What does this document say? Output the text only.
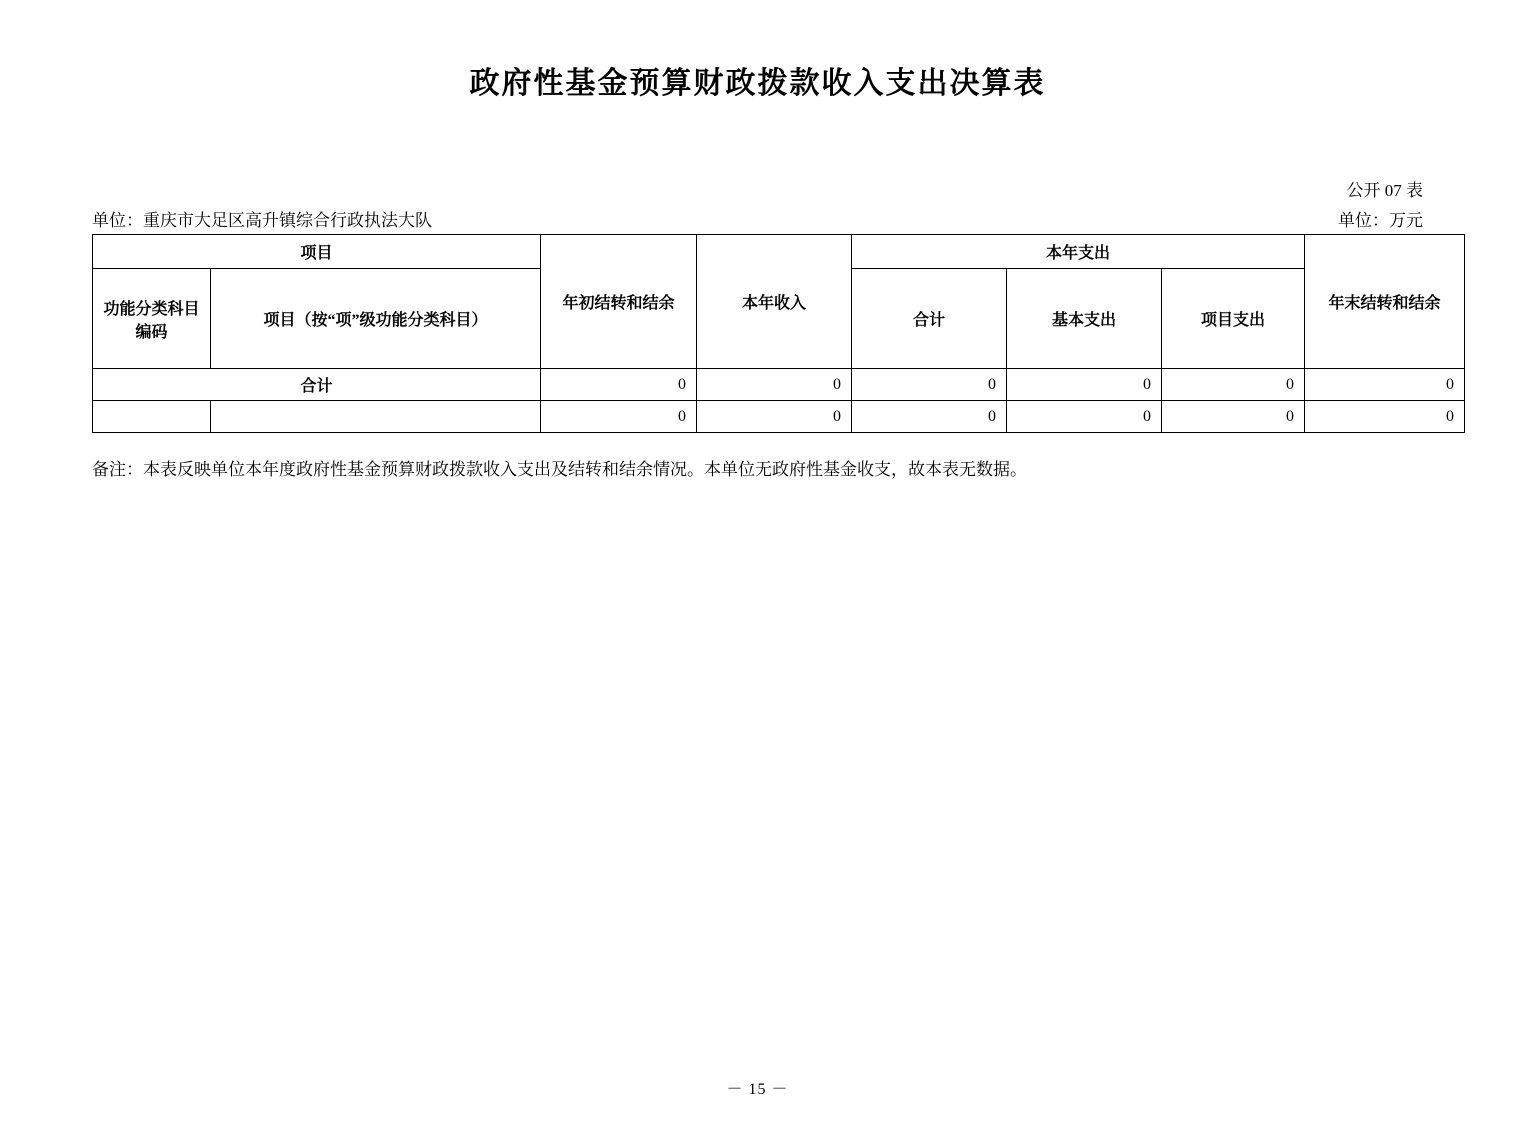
政府性基金预算财政拨款收入支出决算表
公开 07 表
单位：重庆市大足区高升镇综合行政执法大队	单位：万元
项目		年初结转和结余	本年收入	本年支出			年末结转和结余
功能分类科目编码	项目（按“项”级功能分类科目）			合计	基本支出	项目支出	
合计		0	0	0	0	0	0
		0	0	0	0	0	0
备注：本表反映单位本年度政府性基金预算财政拨款收入支出及结转和结余情况。本单位无政府性基金收支，故本表无数据。
－ 15 －
